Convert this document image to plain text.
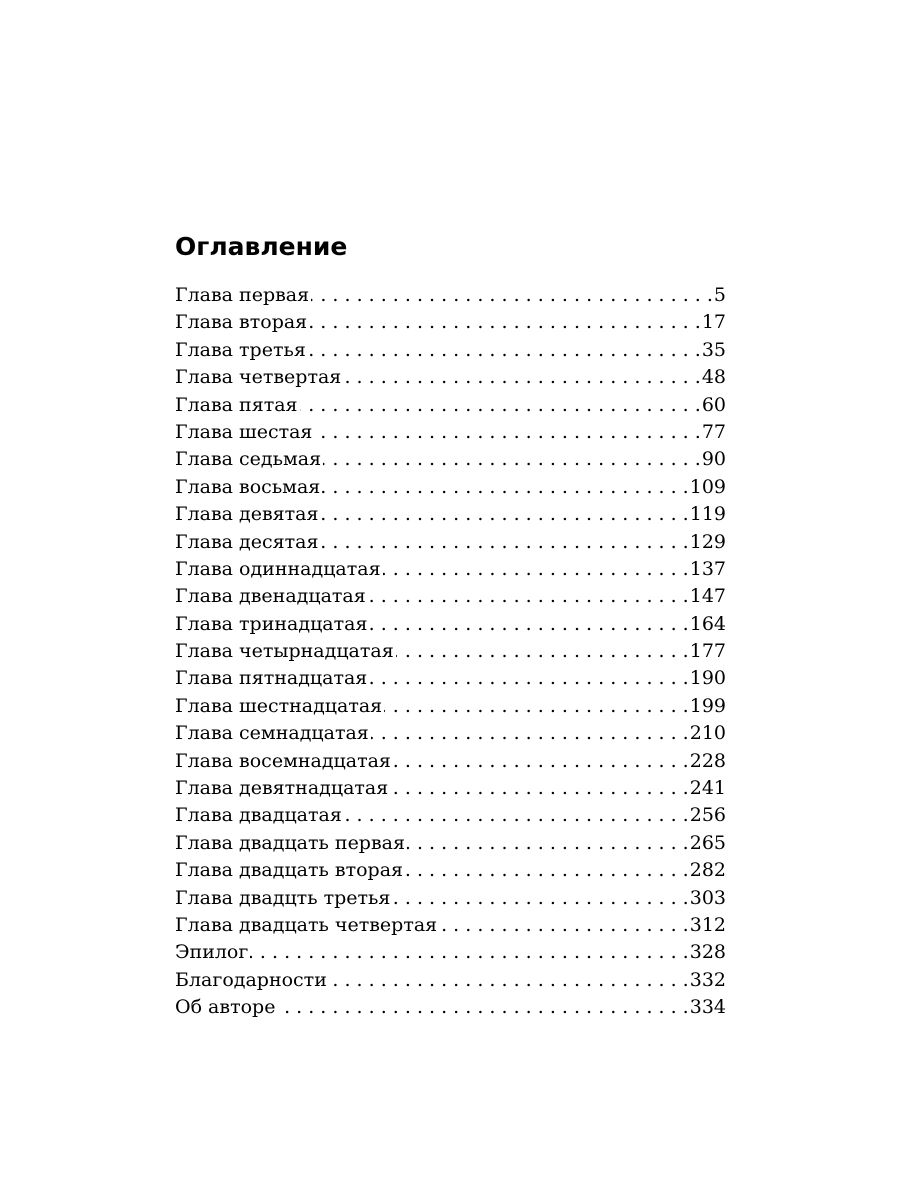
Оглавление
Глава первая . . .	5
Глава вторая . . .	17
Глава третья . . .	35
Глава четвертая . . .	48
Глава пятая . . .	60
Глава шестая . . .	77
Глава седьмая . . .	90
Глава восьмая . . .	109
Глава девятая . . .	119
Глава десятая . . .	129
Глава одиннадцатая . . .	137
Глава двенадцатая . . .	147
Глава тринадцатая . . .	164
Глава четырнадцатая . . .	177
Глава пятнадцатая . . .	190
Глава шестнадцатая . . .	199
Глава семнадцатая . . .	210
Глава восемнадцатая . . .	228
Глава девятнадцатая . . .	241
Глава двадцатая . . .	256
Глава двадцать первая . . .	265
Глава двадцать вторая . . .	282
Глава двадцть третья . . .	303
Глава двадцать четвертая . . .	312
Эпилог . . .	328
Благодарности . . .	332
Об авторе . . .	334
